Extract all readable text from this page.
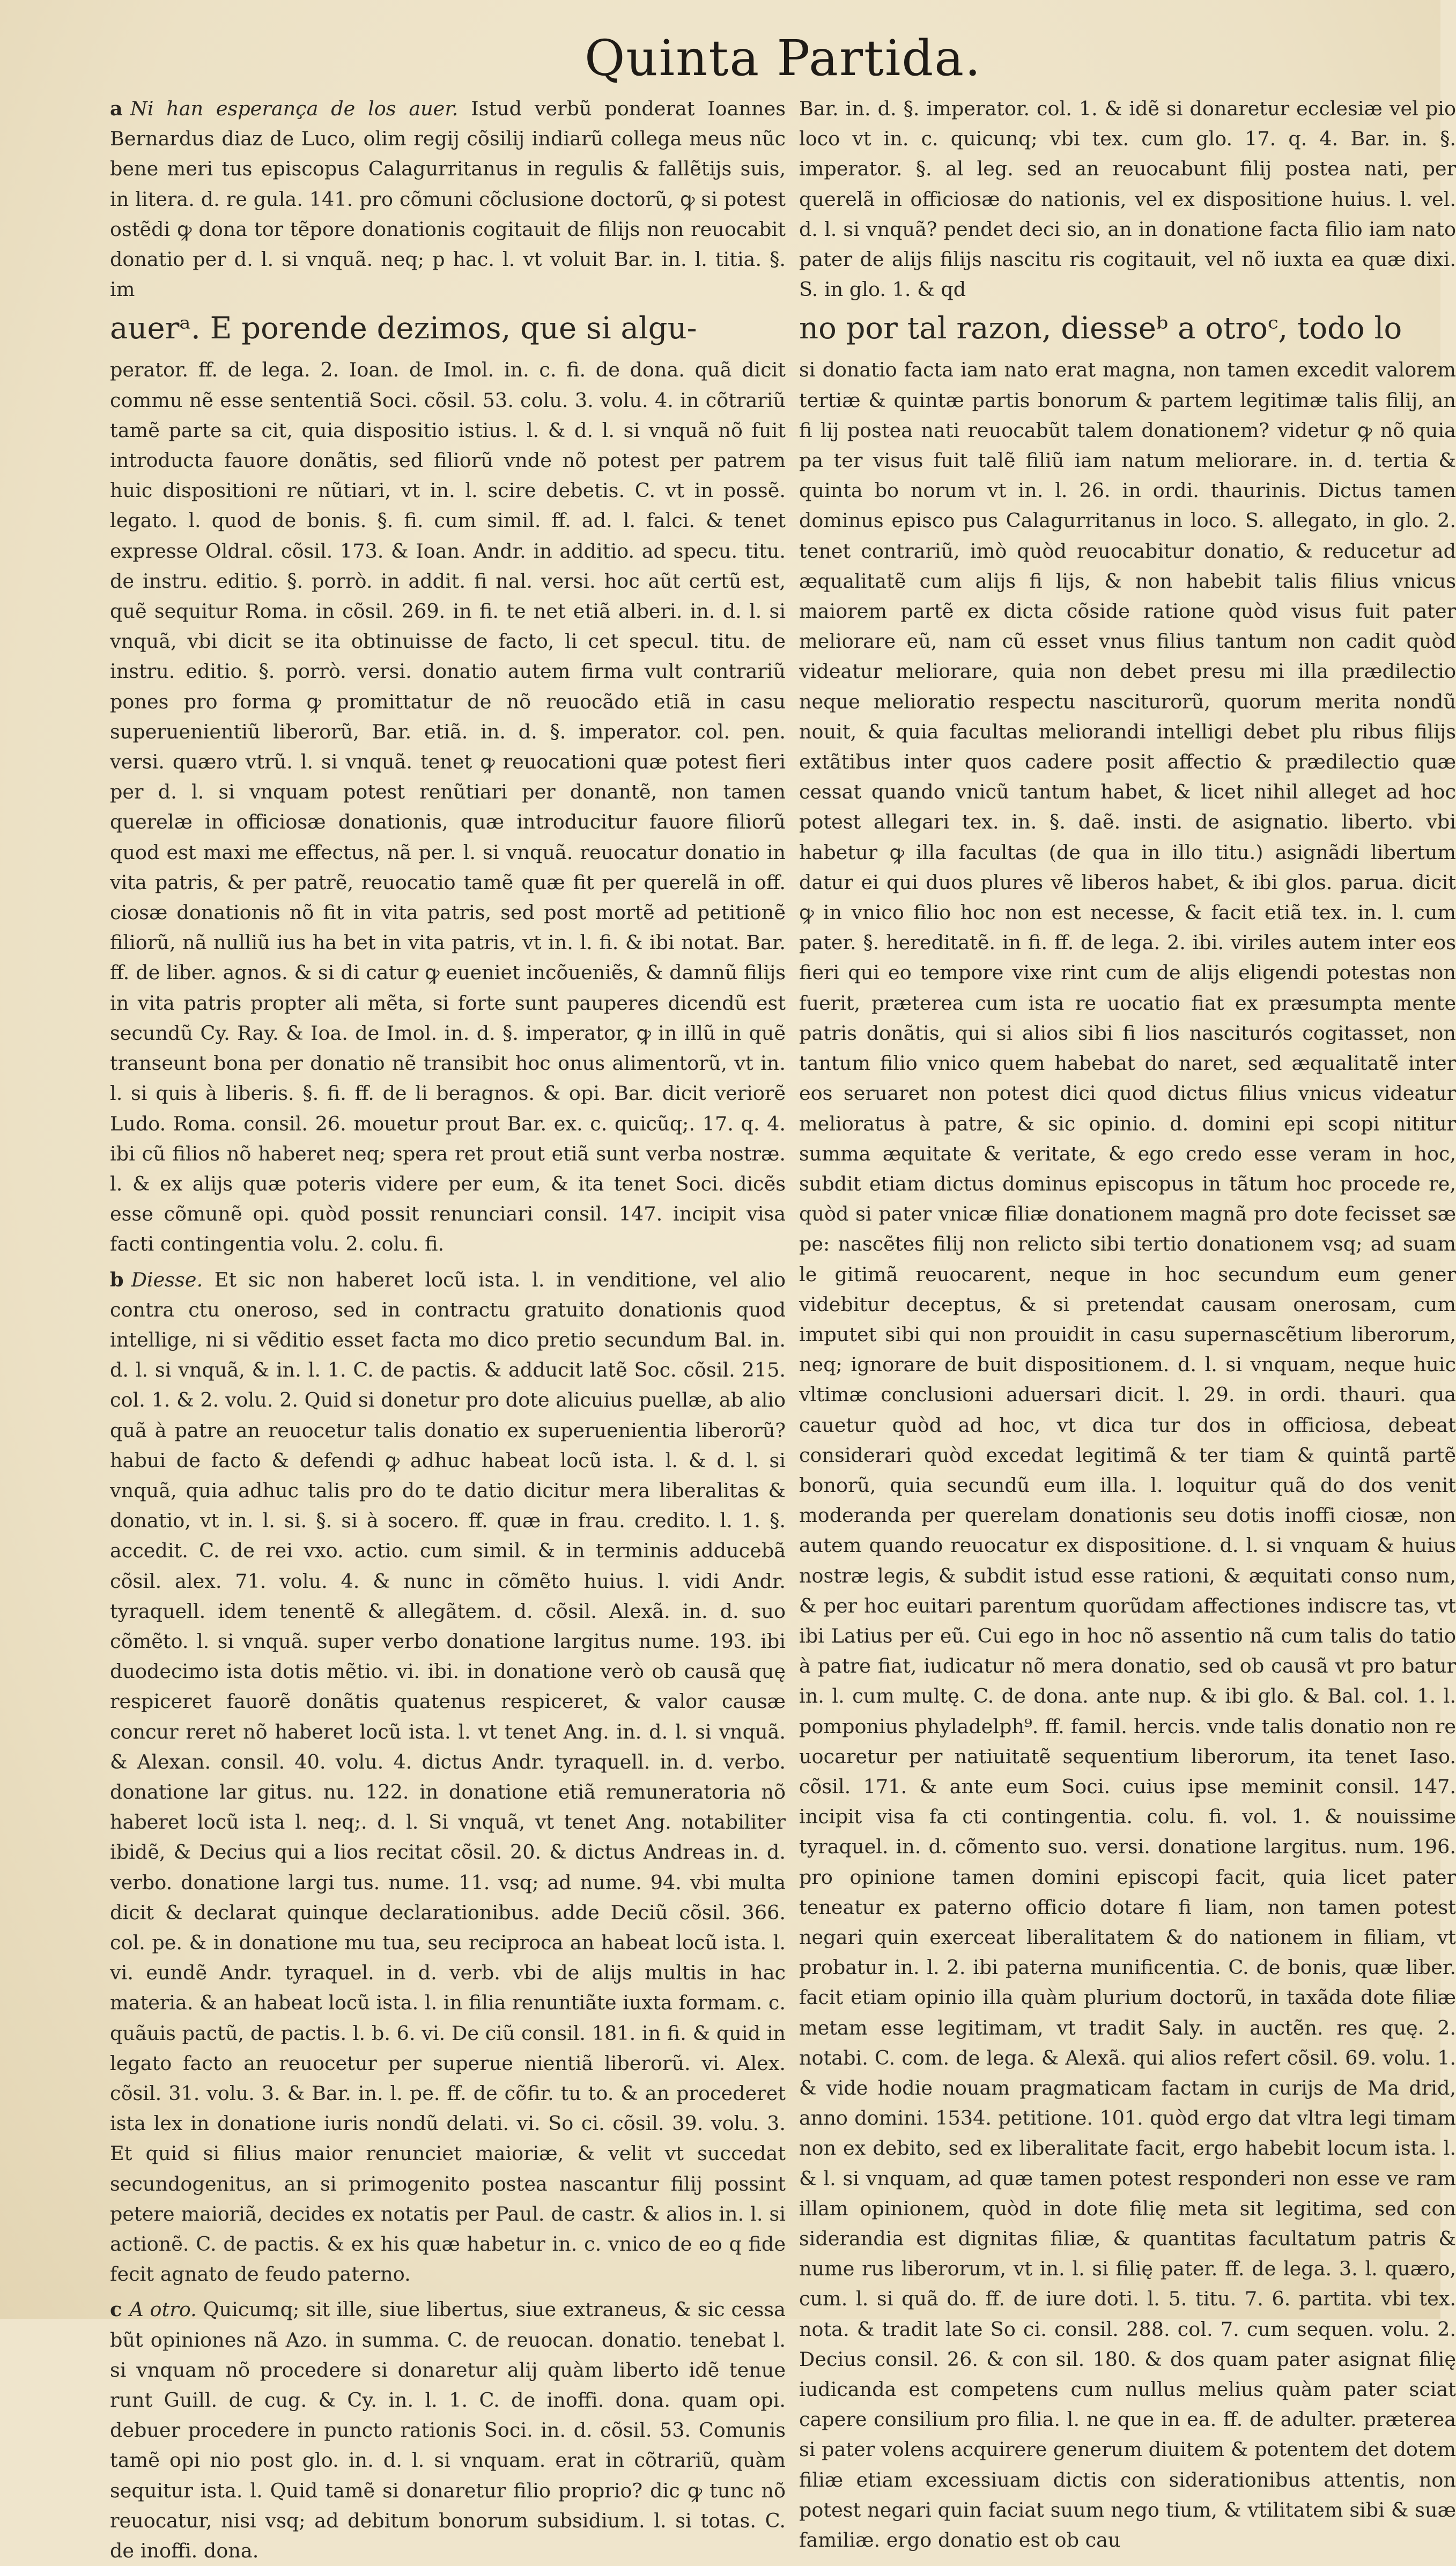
Quinta Partida.

a Ni han esperança de los auer. Istud verbũ ponderat Ioannes Bernardus diaz de Luco, olim regij cõsilij indiarũ collega meus nũc bene meri tus episcopus Calagurritanus in regulis & fallẽtijs suis, in litera. d. re gula. 141. pro cõmuni cõclusione doctorũ, ꝙ si potest ostẽdi ꝙ dona tor tẽpore donationis cogitauit de filijs non reuocabit donatio per d. l. si vnquã. neq; p hac. l. vt voluit Bar. in. l. titia. §. im

auerᵃ. E porende dezimos, que si algu-

perator. ff. de lega. 2. Ioan. de Imol. in. c. fi. de dona. quã dicit commu nẽ esse sententiã Soci. cõsil. 53. colu. 3. volu. 4. in cõtrariũ tamẽ parte sa cit, quia dispositio istius. l. & d. l. si vnquã nõ fuit introducta fauore donãtis, sed filiorũ vnde nõ potest per patrem huic dispositioni re nũtiari, vt in. l. scire debetis. C. vt in possẽ. legato. l. quod de bonis. §. fi. cum simil. ff. ad. l. falci. & tenet expresse Oldral. cõsil. 173. & Ioan. Andr. in additio. ad specu. titu. de instru. editio. §. porrò. in addit. fi nal. versi. hoc aũt certũ est, quẽ sequitur Roma. in cõsil. 269. in fi. te net etiã alberi. in. d. l. si vnquã, vbi dicit se ita obtinuisse de facto, li cet specul. titu. de instru. editio. §. porrò. versi. donatio autem firma vult contrariũ pones pro forma ꝙ promittatur de nõ reuocãdo etiã in casu superuenientiũ liberorũ, Bar. etiã. in. d. §. imperator. col. pen. versi. quæro vtrũ. l. si vnquã. tenet ꝙ reuocationi quæ potest fieri per d. l. si vnquam potest renũtiari per donantẽ, non tamen querelæ in officiosæ donationis, quæ introducitur fauore filiorũ quod est maxi me effectus, nã per. l. si vnquã. reuocatur donatio in vita patris, & per patrẽ, reuocatio tamẽ quæ fit per querelã in off. ciosæ donationis nõ fit in vita patris, sed post mortẽ ad petitionẽ filiorũ, nã nulliũ ius ha bet in vita patris, vt in. l. fi. & ibi notat. Bar. ff. de liber. agnos. & si di catur ꝙ eueniet incõueniẽs, & damnũ filijs in vita patris propter ali mẽta, si forte sunt pauperes dicendũ est secundũ Cy. Ray. & Ioa. de Imol. in. d. §. imperator, ꝙ in illũ in quẽ transeunt bona per donatio nẽ transibit hoc onus alimentorũ, vt in. l. si quis à liberis. §. fi. ff. de li beragnos. & opi. Bar. dicit veriorẽ Ludo. Roma. consil. 26. mouetur prout Bar. ex. c. quicũq;. 17. q. 4. ibi cũ filios nõ haberet neq; spera ret prout etiã sunt verba nostræ. l. & ex alijs quæ poteris videre per eum, & ita tenet Soci. dicẽs esse cõmunẽ opi. quòd possit renunciari consil. 147. incipit visa facti contingentia volu. 2. colu. fi.

b Diesse. Et sic non haberet locũ ista. l. in venditione, vel alio contra ctu oneroso, sed in contractu gratuito donationis quod intellige, ni si vẽditio esset facta mo dico pretio secundum Bal. in. d. l. si vnquã, & in. l. 1. C. de pactis. & adducit latẽ Soc. cõsil. 215. col. 1. & 2. volu. 2. Quid si donetur pro dote alicuius puellæ, ab alio quã à patre an reuocetur talis donatio ex superuenientia liberorũ? habui de facto & defendi ꝙ adhuc habeat locũ ista. l. & d. l. si vnquã, quia adhuc talis pro do te datio dicitur mera liberalitas & donatio, vt in. l. si. §. si à socero. ff. quæ in frau. credito. l. 1. §. accedit. C. de rei vxo. actio. cum simil. & in terminis adducebã cõsil. alex. 71. volu. 4. & nunc in cõmẽto huius. l. vidi Andr. tyraquell. idem tenentẽ & allegãtem. d. cõsil. Alexã. in. d. suo cõmẽto. l. si vnquã. super verbo donatione largitus nume. 193. ibi duodecimo ista dotis mẽtio. vi. ibi. in donatione verò ob causã quę respiceret fauorẽ donãtis quatenus respiceret, & valor causæ concur reret nõ haberet locũ ista. l. vt tenet Ang. in. d. l. si vnquã. & Alexan. consil. 40. volu. 4. dictus Andr. tyraquell. in. d. verbo. donatione lar gitus. nu. 122. in donatione etiã remuneratoria nõ haberet locũ ista l. neq;. d. l. Si vnquã, vt tenet Ang. notabiliter ibidẽ, & Decius qui a lios recitat cõsil. 20. & dictus Andreas in. d. verbo. donatione largi tus. nume. 11. vsq; ad nume. 94. vbi multa dicit & declarat quinque declarationibus. adde Deciũ cõsil. 366. col. pe. & in donatione mu tua, seu reciproca an habeat locũ ista. l. vi. eundẽ Andr. tyraquel. in d. verb. vbi de alijs multis in hac materia. & an habeat locũ ista. l. in filia renuntiãte iuxta formam. c. quãuis pactũ, de pactis. l. b. 6. vi. De ciũ consil. 181. in fi. & quid in legato facto an reuocetur per superue nientiã liberorũ. vi. Alex. cõsil. 31. volu. 3. & Bar. in. l. pe. ff. de cõfir. tu to. & an procederet ista lex in donatione iuris nondũ delati. vi. So ci. cõsil. 39. volu. 3. Et quid si filius maior renunciet maioriæ, & velit vt succedat secundogenitus, an si primogenito postea nascantur filij possint petere maioriã, decides ex notatis per Paul. de castr. & alios in. l. si actionẽ. C. de pactis. & ex his quæ habetur in. c. vnico de eo q fide fecit agnato de feudo paterno.

c A otro. Quicumq; sit ille, siue libertus, siue extraneus, & sic cessa bũt opiniones nã Azo. in summa. C. de reuocan. donatio. tenebat l. si vnquam nõ procedere si donaretur alij quàm liberto idẽ tenue runt Guill. de cug. & Cy. in. l. 1. C. de inoffi. dona. quam opi. debuer procedere in puncto rationis Soci. in. d. cõsil. 53. Comunis tamẽ opi nio post glo. in. d. l. si vnquam. erat in cõtrariũ, quàm sequitur ista. l. Quid tamẽ si donaretur filio proprio? dic ꝙ tunc nõ reuocatur, nisi vsq; ad debitum bonorum subsidium. l. si totas. C. de inoffi. dona.

Bar. in. d. §. imperator. col. 1. & idẽ si donaretur ecclesiæ vel pio loco vt in. c. quicunq; vbi tex. cum glo. 17. q. 4. Bar. in. §. imperator. §. al leg. sed an reuocabunt filij postea nati, per querelã in officiosæ do nationis, vel ex dispositione huius. l. vel. d. l. si vnquã? pendet deci sio, an in donatione facta filio iam nato pater de alijs filijs nascitu ris cogitauit, vel nõ iuxta ea quæ dixi. S. in glo. 1. & qd

no por tal razon, diesseᵇ a otroᶜ, todo lo

si donatio facta iam nato erat magna, non tamen excedit valorem tertiæ & quintæ partis bonorum & partem legitimæ talis filij, an fi lij postea nati reuocabũt talem donationem? videtur ꝙ nõ quia pa ter visus fuit talẽ filiũ iam natum meliorare. in. d. tertia & quinta bo norum vt in. l. 26. in ordi. thaurinis. Dictus tamen dominus episco pus Calagurritanus in loco. S. allegato, in glo. 2. tenet contrariũ, imò quòd reuocabitur donatio, & reducetur ad æqualitatẽ cum alijs fi lijs, & non habebit talis filius vnicus maiorem partẽ ex dicta cõside ratione quòd visus fuit pater meliorare eũ, nam cũ esset vnus filius tantum non cadit quòd videatur meliorare, quia non debet presu mi illa prædilectio neque melioratio respectu nasciturorũ, quorum merita nondũ nouit, & quia facultas meliorandi intelligi debet plu ribus filijs extãtibus inter quos cadere posit affectio & prædilectio quæ cessat quando vnicũ tantum habet, & licet nihil alleget ad hoc potest allegari tex. in. §. daẽ. insti. de asignatio. liberto. vbi habetur ꝙ illa facultas (de qua in illo titu.) asignãdi libertum datur ei qui duos plures vẽ liberos habet, & ibi glos. parua. dicit ꝙ in vnico filio hoc non est necesse, & facit etiã tex. in. l. cum pater. §. hereditatẽ. in fi. ff. de lega. 2. ibi. viriles autem inter eos fieri qui eo tempore vixe rint cum de alijs eligendi potestas non fuerit, præterea cum ista re uocatio fiat ex præsumpta mente patris donãtis, qui si alios sibi fi lios nasciturós cogitasset, non tantum filio vnico quem habebat do naret, sed æqualitatẽ inter eos seruaret non potest dici quod dictus filius vnicus videatur melioratus à patre, & sic opinio. d. domini epi scopi nititur summa æquitate & veritate, & ego credo esse veram in hoc, subdit etiam dictus dominus episcopus in tãtum hoc procede re, quòd si pater vnicæ filiæ donationem magnã pro dote fecisset sæ pe: nascẽtes filij non relicto sibi tertio donationem vsq; ad suam le gitimã reuocarent, neque in hoc secundum eum gener videbitur deceptus, & si pretendat causam onerosam, cum imputet sibi qui non prouidit in casu supernascẽtium liberorum, neq; ignorare de buit dispositionem. d. l. si vnquam, neque huic vltimæ conclusioni aduersari dicit. l. 29. in ordi. thauri. qua cauetur quòd ad hoc, vt dica tur dos in officiosa, debeat considerari quòd excedat legitimã & ter tiam & quintã partẽ bonorũ, quia secundũ eum illa. l. loquitur quã do dos venit moderanda per querelam donationis seu dotis inoffi ciosæ, non autem quando reuocatur ex dispositione. d. l. si vnquam & huius nostræ legis, & subdit istud esse rationi, & æquitati conso num, & per hoc euitari parentum quorũdam affectiones indiscre tas, vt ibi Latius per eũ. Cui ego in hoc nõ assentio nã cum talis do tatio à patre fiat, iudicatur nõ mera donatio, sed ob causã vt pro batur in. l. cum multę. C. de dona. ante nup. & ibi glo. & Bal. col. 1. l. pomponius phyladelph⁹. ff. famil. hercis. vnde talis donatio non re uocaretur per natiuitatẽ sequentium liberorum, ita tenet Iaso. cõsil. 171. & ante eum Soci. cuius ipse meminit consil. 147. incipit visa fa cti contingentia. colu. fi. vol. 1. & nouissime tyraquel. in. d. cõmento suo. versi. donatione largitus. num. 196. pro opinione tamen domini episcopi facit, quia licet pater teneatur ex paterno officio dotare fi liam, non tamen potest negari quin exerceat liberalitatem & do nationem in filiam, vt probatur in. l. 2. ibi paterna munificentia. C. de bonis, quæ liber. facit etiam opinio illa quàm plurium doctorũ, in taxãda dote filiæ metam esse legitimam, vt tradit Saly. in auctẽn. res quę. 2. notabi. C. com. de lega. & Alexã. qui alios refert cõsil. 69. volu. 1. & vide hodie nouam pragmaticam factam in curijs de Ma drid, anno domini. 1534. petitione. 101. quòd ergo dat vltra legi timam non ex debito, sed ex liberalitate facit, ergo habebit locum ista. l. & l. si vnquam, ad quæ tamen potest responderi non esse ve ram illam opinionem, quòd in dote filię meta sit legitima, sed con siderandia est dignitas filiæ, & quantitas facultatum patris & nume rus liberorum, vt in. l. si filię pater. ff. de lega. 3. l. quæro, cum. l. si quã do. ff. de iure doti. l. 5. titu. 7. 6. partita. vbi tex. nota. & tradit late So ci. consil. 288. col. 7. cum sequen. volu. 2. Decius consil. 26. & con sil. 180. & dos quam pater asignat filię iudicanda est competens cum nullus melius quàm pater sciat capere consilium pro filia. l. ne que in ea. ff. de adulter. præterea si pater volens acquirere generum diuitem & potentem det dotem filiæ etiam excessiuam dictis con siderationibus attentis, non potest negari quin faciat suum nego tium, & vtilitatem sibi & suæ familiæ. ergo donatio est ob cau
